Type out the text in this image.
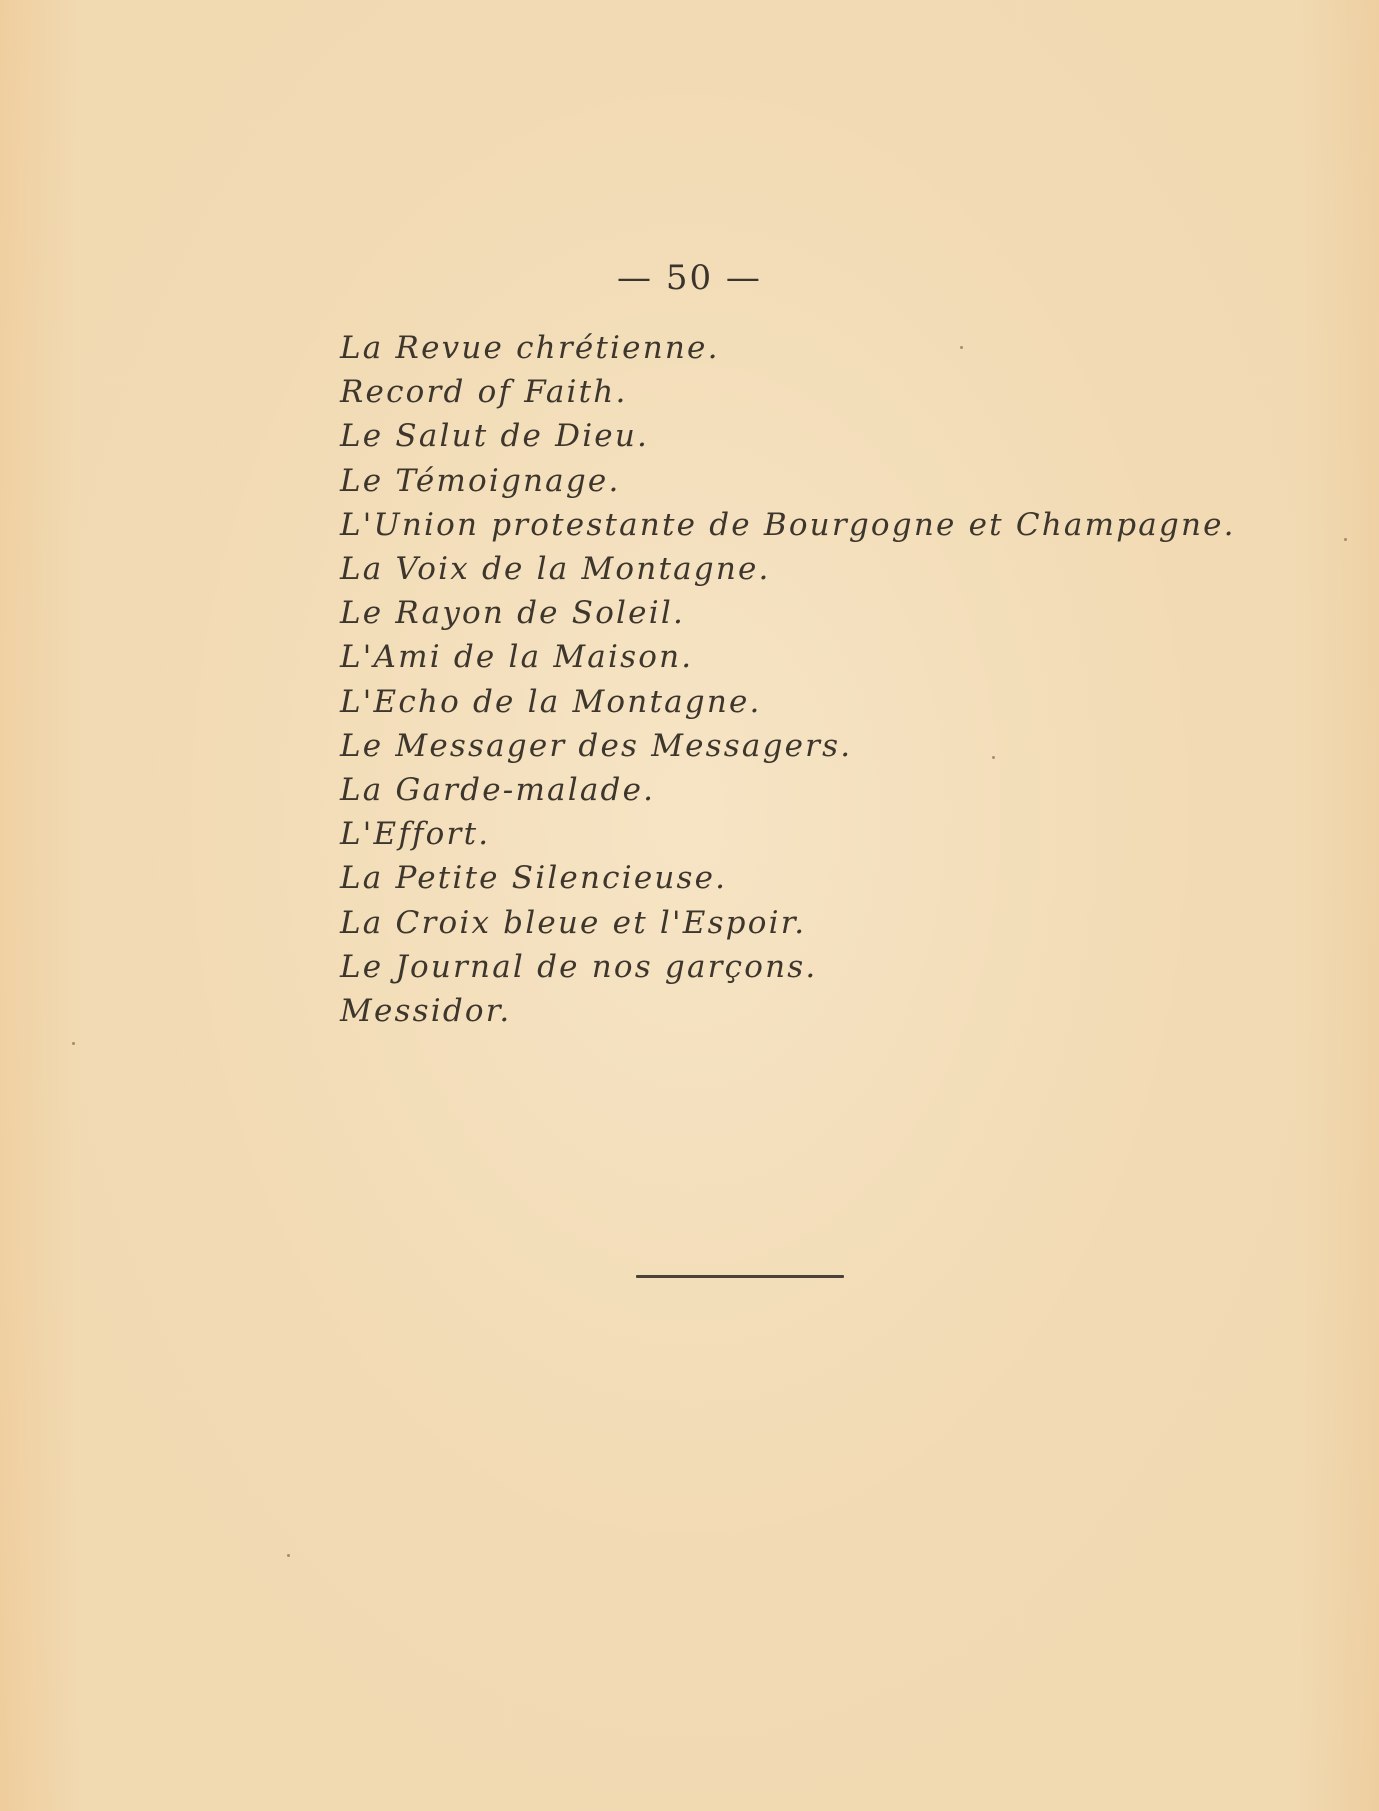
— 50 —
La Revue chrétienne.
Record of Faith.
Le Salut de Dieu.
Le Témoignage.
L'Union protestante de Bourgogne et Champagne.
La Voix de la Montagne.
Le Rayon de Soleil.
L'Ami de la Maison.
L'Echo de la Montagne.
Le Messager des Messagers.
La Garde-malade.
L'Effort.
La Petite Silencieuse.
La Croix bleue et l'Espoir.
Le Journal de nos garçons.
Messidor.
